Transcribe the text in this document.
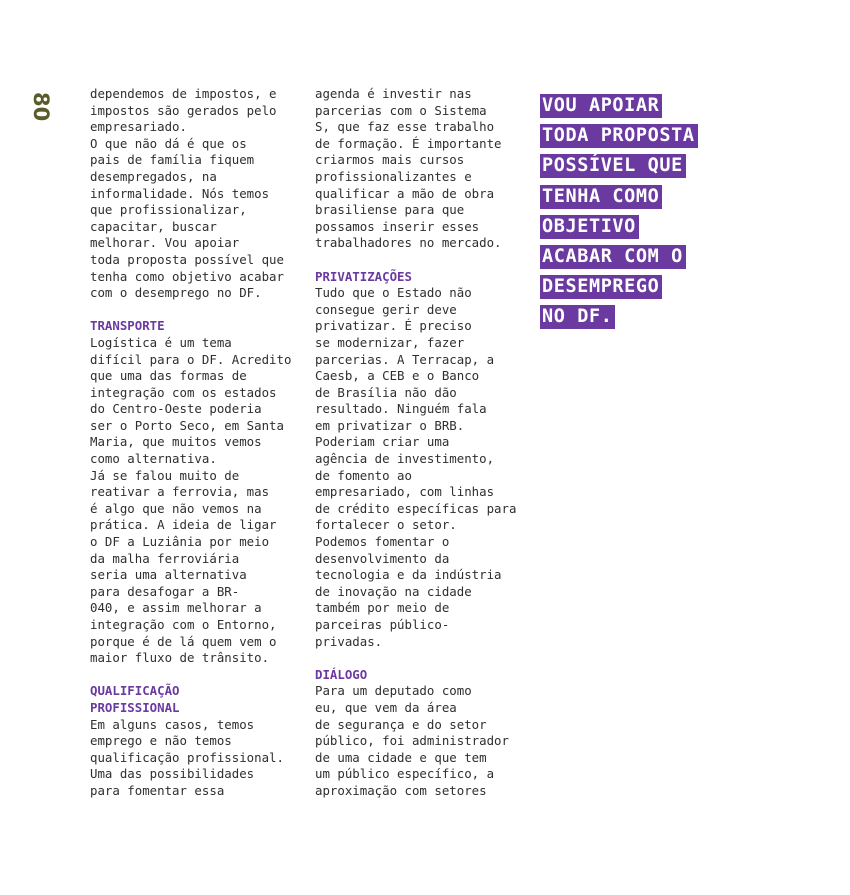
80	dependemos de impostos, e
impostos são gerados pelo
empresariado.
O que não dá é que os
pais de família fiquem
desempregados, na
informalidade. Nós temos
que profissionalizar,
capacitar, buscar
melhorar. Vou apoiar
toda proposta possível que
tenha como objetivo acabar
com o desemprego no DF.
TRANSPORTE
Logística é um tema
difícil para o DF. Acredito
que uma das formas de
integração com os estados
do Centro-Oeste poderia
ser o Porto Seco, em Santa
Maria, que muitos vemos
como alternativa.
Já se falou muito de
reativar a ferrovia, mas
é algo que não vemos na
prática. A ideia de ligar
o DF a Luziânia por meio
da malha ferroviária
seria uma alternativa
para desafogar a BR-
040, e assim melhorar a
integração com o Entorno,
porque é de lá quem vem o
maior fluxo de trânsito.
QUALIFICAÇÃO
PROFISSIONAL
Em alguns casos, temos
emprego e não temos
qualificação profissional.
Uma das possibilidades
para fomentar essa
agenda é investir nas
parcerias com o Sistema
S, que faz esse trabalho
de formação. É importante
criarmos mais cursos
profissionalizantes e
qualificar a mão de obra
brasiliense para que
possamos inserir esses
trabalhadores no mercado.
PRIVATIZAÇÕES
Tudo que o Estado não
consegue gerir deve
privatizar. É preciso
se modernizar, fazer
parcerias. A Terracap, a
Caesb, a CEB e o Banco
de Brasília não dão
resultado. Ninguém fala
em privatizar o BRB.
Poderiam criar uma
agência de investimento,
de fomento ao
empresariado, com linhas
de crédito específicas para
fortalecer o setor.
Podemos fomentar o
desenvolvimento da
tecnologia e da indústria
de inovação na cidade
também por meio de
parceiras público-
privadas.
DIÁLOGO
Para um deputado como
eu, que vem da área
de segurança e do setor
público, foi administrador
de uma cidade e que tem
um público específico, a
aproximação com setores
VOU APOIAR
TODA PROPOSTA
POSSÍVEL QUE
TENHA COMO
OBJETIVO
ACABAR COM O
DESEMPREGO
NO DF.
